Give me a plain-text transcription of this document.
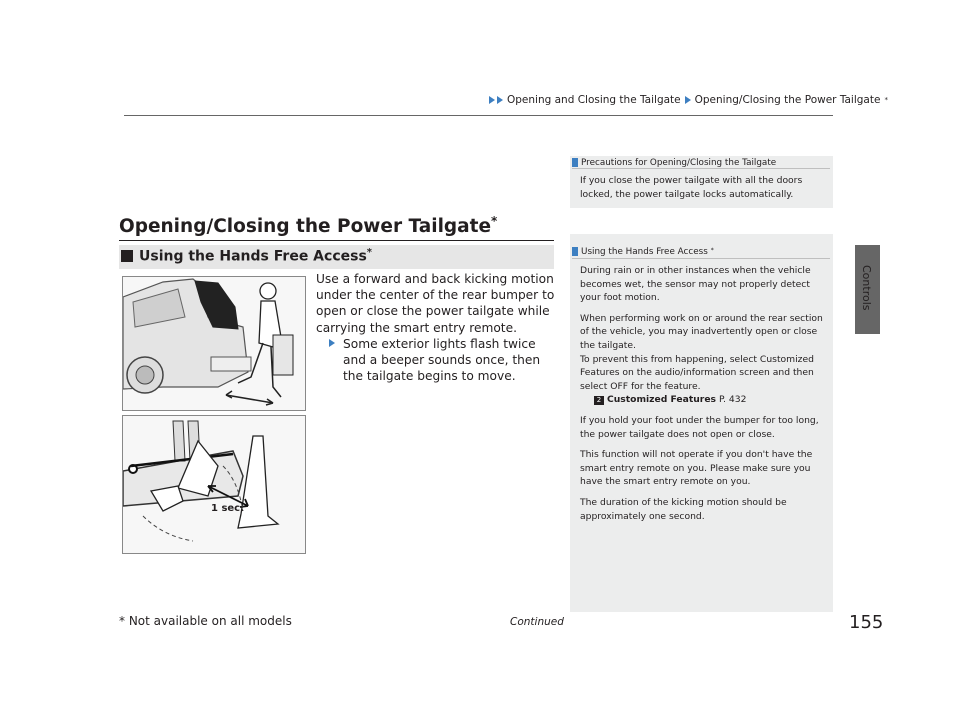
Opening and Closing the Tailgate Opening/Closing the Power Tailgate *
Controls
Opening/Closing the Power Tailgate*
Using the Hands Free Access*
Use a forward and back kicking motion under the center of the rear bumper to open or close the power tailgate while carrying the smart entry remote.
Some exterior lights flash twice and a beeper sounds once, then the tailgate begins to move.
1 sec.
Precautions for Opening/Closing the Tailgate
If you close the power tailgate with all the doors locked, the power tailgate locks automatically.
Using the Hands Free Access *
During rain or in other instances when the vehicle becomes wet, the sensor may not properly detect your foot motion.
When performing work on or around the rear section of the vehicle, you may inadvertently open or close the tailgate.
To prevent this from happening, select Customized Features on the audio/information screen and then select OFF for the feature.
2 Customized Features P. 432
If you hold your foot under the bumper for too long, the power tailgate does not open or close.
This function will not operate if you don't have the smart entry remote on you. Please make sure you have the smart entry remote on you.
The duration of the kicking motion should be approximately one second.
155
Continued
* Not available on all models
